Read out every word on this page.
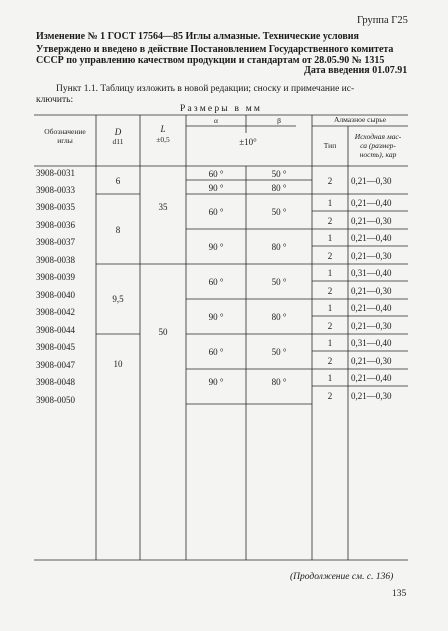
Группа Г25
Изменение № 1 ГОСТ 17564—85 Иглы алмазные. Технические условия
Утверждено и введено в действие Постановлением Государственного комитета
СССР по управлению качеством продукции и стандартам от 28.05.90 № 1315
Дата введения 01.07.91
Пункт 1.1. Таблицу изложить в новой редакции; сноску и примечание ис-
ключить:
Размеры в мм
Обозначение
иглы
D
d11
L
±0,5
α	β
±10°
Алмазное сырье
Тип
Исходная мас-
са (размер-
ность), кар
3908-0031
3908-0033
3908-0035
3908-0036
3908-0037
3908-0038
3908-0039
3908-0040
3908-0042
3908-0044
3908-0045
3908-0047
3908-0048
3908-0050
6
8
9,5
10
35
50
60 °
90 °
60 °
90 °
60 °
90 °
60 °
90 °
50 °
80 °
50 °
80 °
50 °
80 °
50 °
80 °
2
1
2
1
2
1
2
1
2
1
2
1
2
0,21—0,30
0,21—0,40
0,21—0,30
0,21—0,40
0,21—0,30
0,31—0,40
0,21—0,30
0,21—0,40
0,21—0,30
0,31—0,40
0,21—0,30
0,21—0,40
0,21—0,30
(Продолжение см. с. 136)
135
